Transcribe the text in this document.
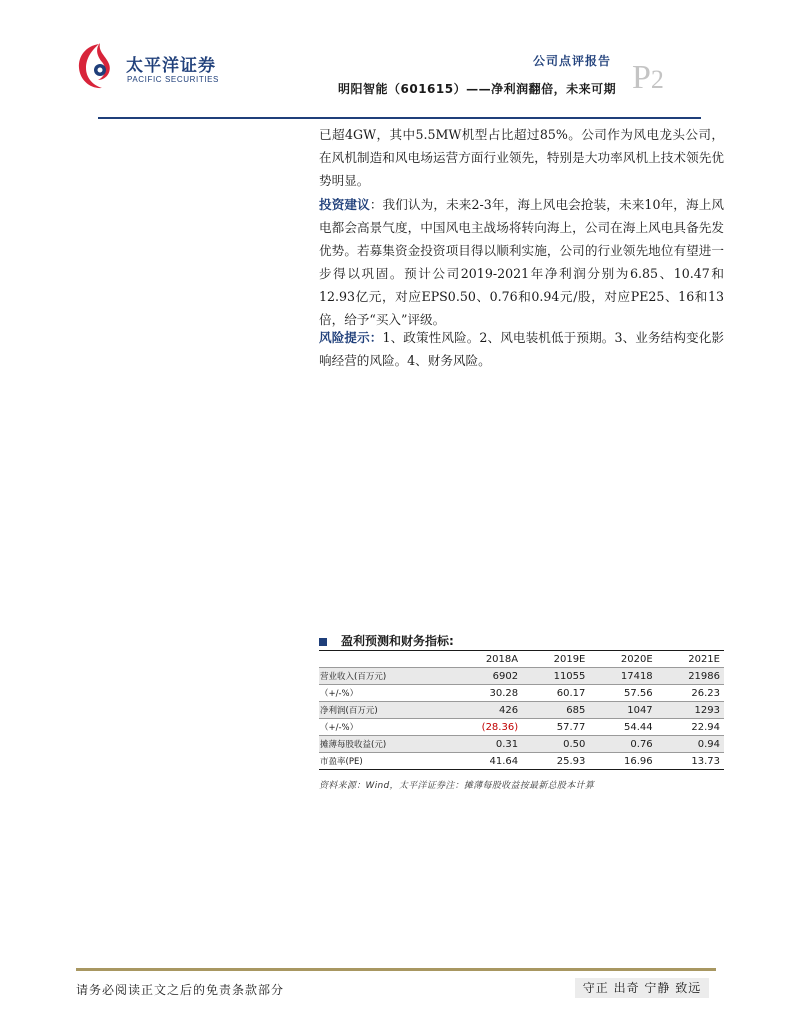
太平洋证券
PACIFIC SECURITIES
公司点评报告
明阳智能（601615）——净利润翻倍，未来可期 P2

已超4GW，其中5.5MW机型占比超过85%。公司作为风电龙头公司，在风机制造和风电场运营方面行业领先，特别是大功率风机上技术领先优势明显。

投资建议：我们认为，未来2-3年，海上风电会抢装，未来10年，海上风电都会高景气度，中国风电主战场将转向海上，公司在海上风电具备先发优势。若募集资金投资项目得以顺利实施，公司的行业领先地位有望进一步得以巩固。预计公司2019-2021年净利润分别为6.85、10.47和12.93亿元，对应EPS0.50、0.76和0.94元/股，对应PE25、16和13倍，给予“买入”评级。

风险提示：1、政策性风险。2、风电装机低于预期。3、业务结构变化影响经营的风险。4、财务风险。

盈利预测和财务指标:
	2018A	2019E	2020E	2021E
营业收入(百万元)	6902	11055	17418	21986
（+/-%）	30.28	60.17	57.56	26.23
净利润(百万元)	426	685	1047	1293
（+/-%）	(28.36)	57.77	54.44	22.94
摊薄每股收益(元)	0.31	0.50	0.76	0.94
市盈率(PE)	41.64	25.93	16.96	13.73
资料来源：Wind，太平洋证券注：摊薄每股收益按最新总股本计算
请务必阅读正文之后的免责条款部分	守正 出奇 宁静 致远
